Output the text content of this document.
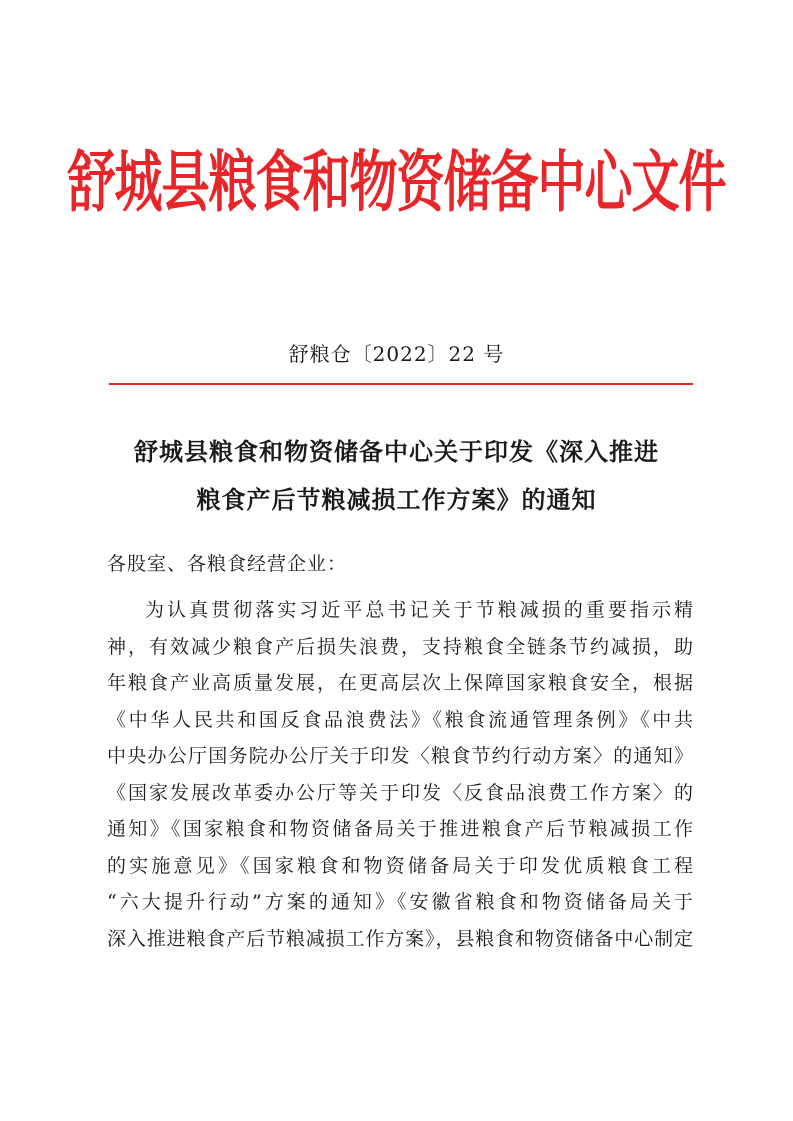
舒城县粮食和物资储备中心文件
舒粮仓〔2022〕22 号
舒城县粮食和物资储备中心关于印发《深入推进
粮食产后节粮减损工作方案》的通知
各股室、各粮食经营企业：
为认真贯彻落实习近平总书记关于节粮减损的重要指示精
神，有效减少粮食产后损失浪费，支持粮食全链条节约减损，助
年粮食产业高质量发展，在更高层次上保障国家粮食安全，根据
《中华人民共和国反食品浪费法》《粮食流通管理条例》《中共
中央办公厅国务院办公厅关于印发〈粮食节约行动方案〉的通知》
《国家发展改革委办公厅等关于印发〈反食品浪费工作方案〉的
通知》《国家粮食和物资储备局关于推进粮食产后节粮减损工作
的实施意见》《国家粮食和物资储备局关于印发优质粮食工程
“六大提升行动”方案的通知》《安徽省粮食和物资储备局关于
深入推进粮食产后节粮减损工作方案》，县粮食和物资储备中心制定
